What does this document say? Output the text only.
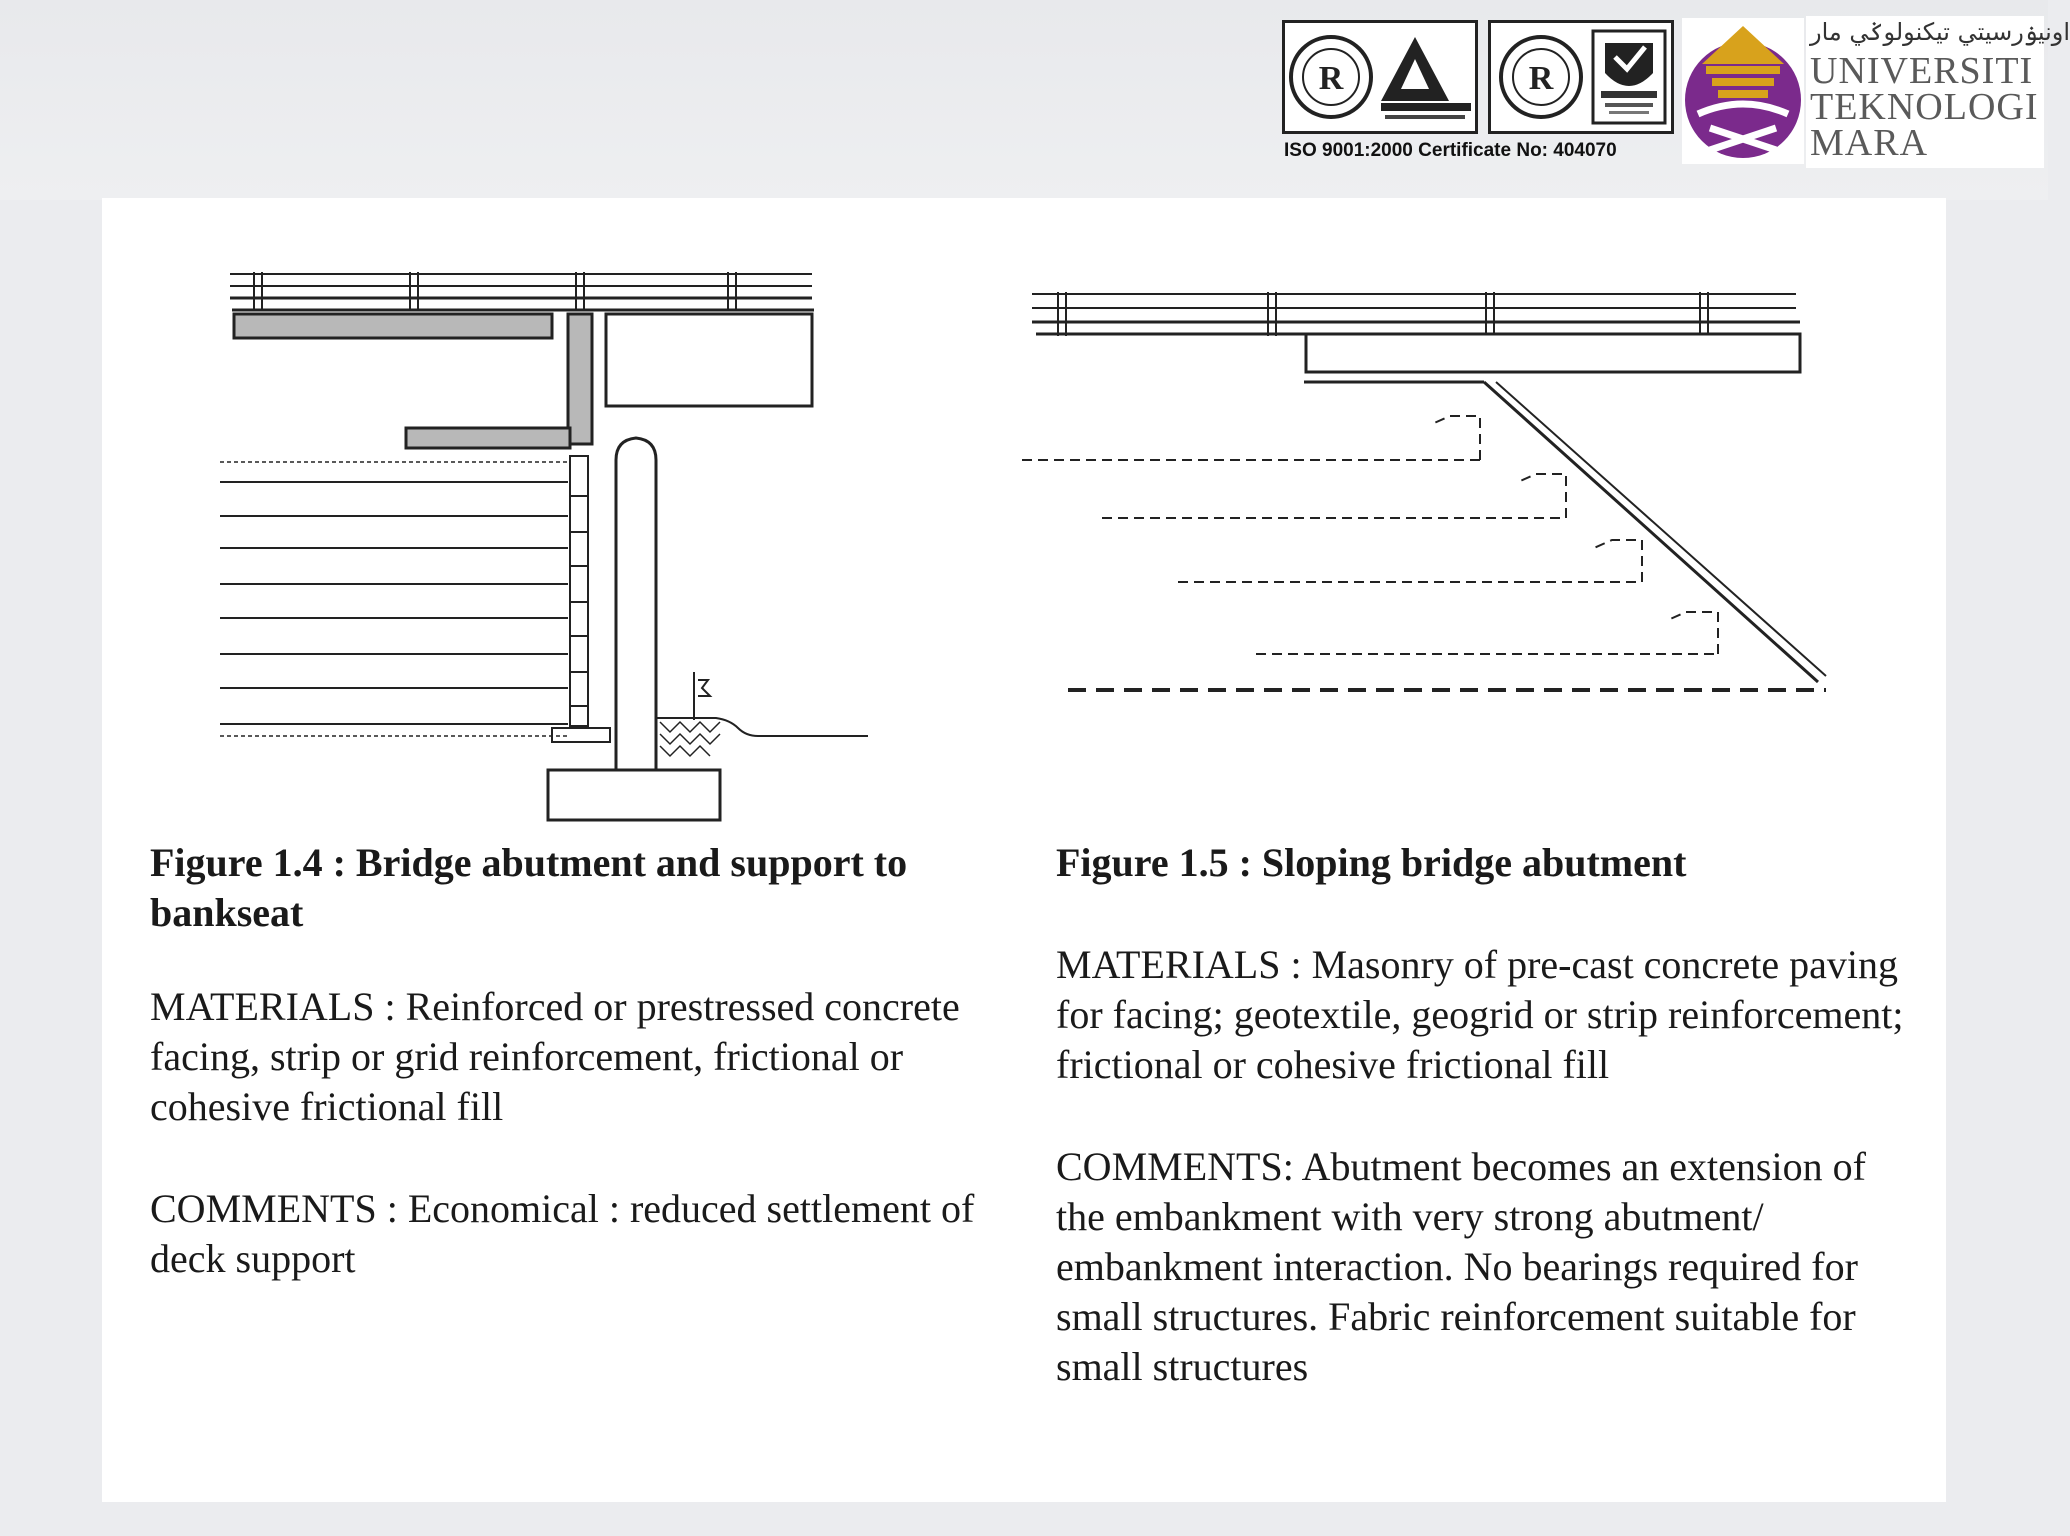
R	R
ISO 9001:2000 Certificate No: 404070
اونيۏرسيتي تيكنولوݢي مار
UNIVERSITI
TEKNOLOGI
MARA

Figure 1.4 : Bridge abutment and support to bankseat

MATERIALS : Reinforced or prestressed concrete facing, strip or grid reinforcement, frictional or cohesive frictional fill

COMMENTS : Economical : reduced settlement of deck support

Figure 1.5 : Sloping bridge abutment

MATERIALS : Masonry of pre-cast concrete paving for facing; geotextile, geogrid or strip reinforcement; frictional or cohesive frictional fill

COMMENTS: Abutment becomes an extension of the embankment with very strong abutment/ embankment interaction. No bearings required for small structures. Fabric reinforcement suitable for small structures
